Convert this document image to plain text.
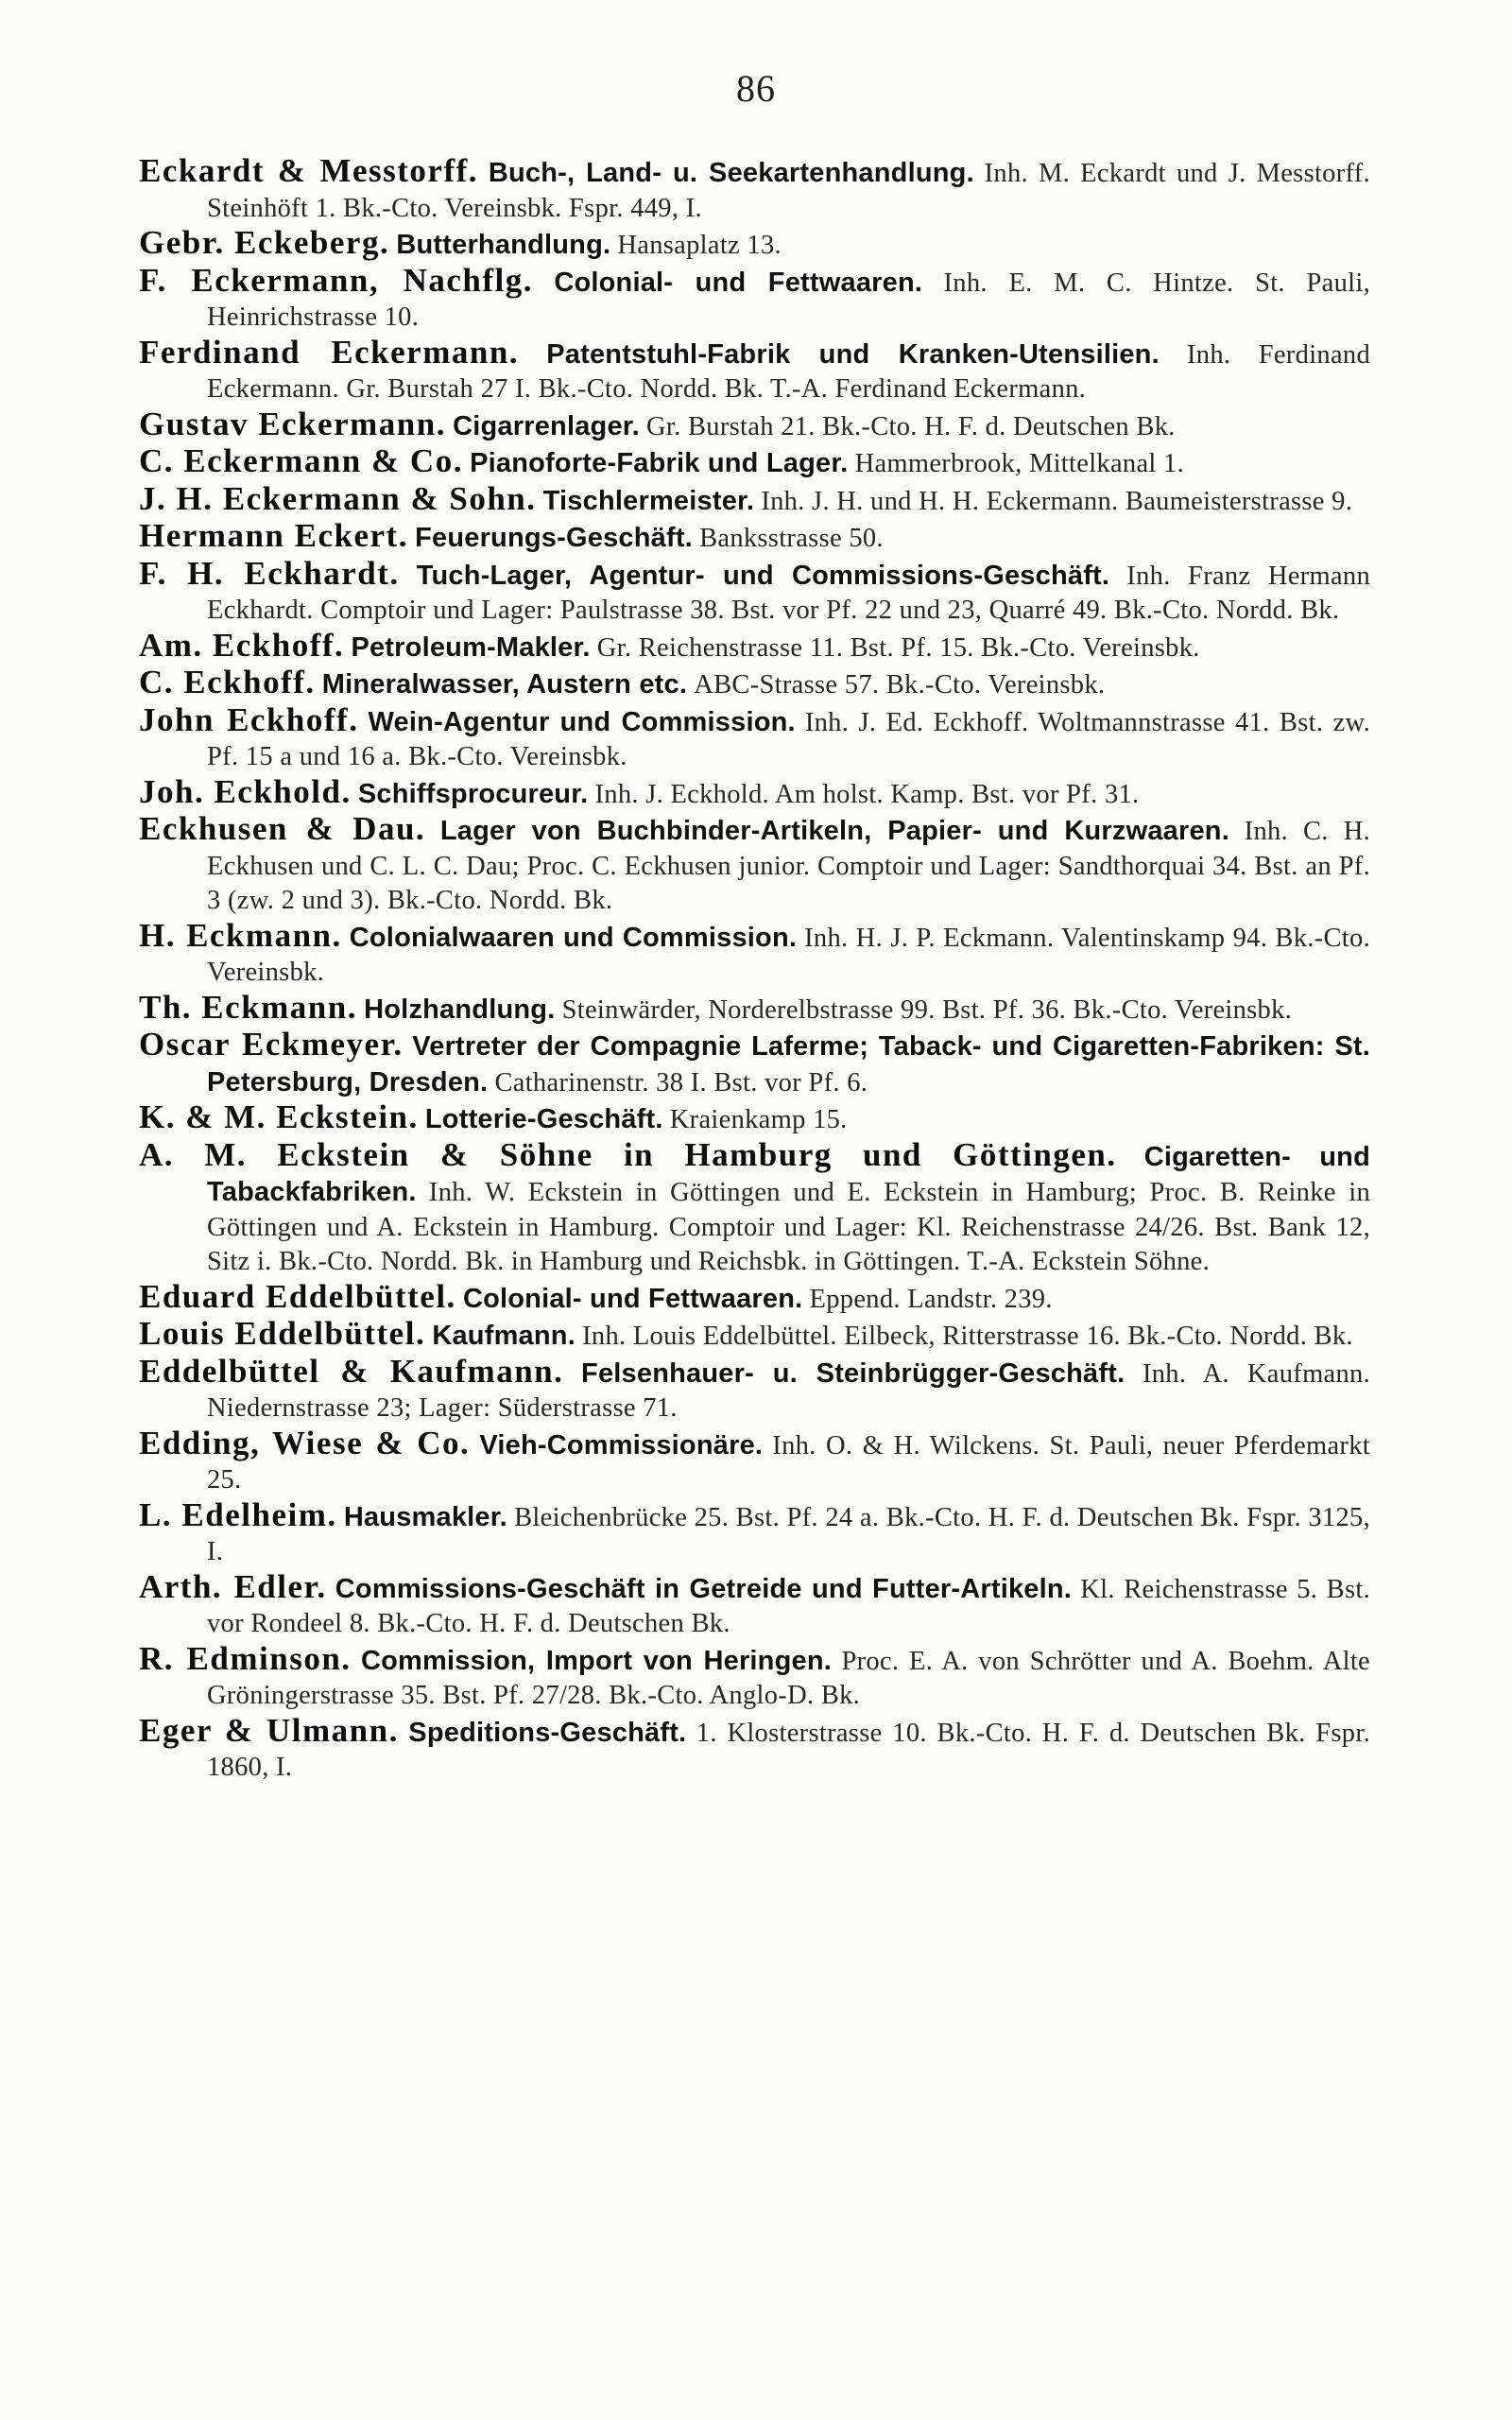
86

Eckardt & Messtorff. Buch-, Land- u. Seekartenhandlung. Inh. M. Eckardt und J. Messtorff. Steinhöft 1. Bk.-Cto. Vereinsbk. Fspr. 449, I.

Gebr. Eckeberg. Butterhandlung. Hansaplatz 13.

F. Eckermann, Nachflg. Colonial- und Fettwaaren. Inh. E. M. C. Hintze. St. Pauli, Heinrichstrasse 10.

Ferdinand Eckermann. Patentstuhl-Fabrik und Kranken-Utensilien. Inh. Ferdinand Eckermann. Gr. Burstah 27 I. Bk.-Cto. Nordd. Bk. T.-A. Ferdinand Eckermann.

Gustav Eckermann. Cigarrenlager. Gr. Burstah 21. Bk.-Cto. H. F. d. Deutschen Bk.

C. Eckermann & Co. Pianoforte-Fabrik und Lager. Hammerbrook, Mittelkanal 1.

J. H. Eckermann & Sohn. Tischlermeister. Inh. J. H. und H. H. Eckermann. Baumeisterstrasse 9.

Hermann Eckert. Feuerungs-Geschäft. Banksstrasse 50.

F. H. Eckhardt. Tuch-Lager, Agentur- und Commissions-Geschäft. Inh. Franz Hermann Eckhardt. Comptoir und Lager: Paulstrasse 38. Bst. vor Pf. 22 und 23, Quarré 49. Bk.-Cto. Nordd. Bk.

Am. Eckhoff. Petroleum-Makler. Gr. Reichenstrasse 11. Bst. Pf. 15. Bk.-Cto. Vereinsbk.

C. Eckhoff. Mineralwasser, Austern etc. ABC-Strasse 57. Bk.-Cto. Vereinsbk.

John Eckhoff. Wein-Agentur und Commission. Inh. J. Ed. Eckhoff. Woltmannstrasse 41. Bst. zw. Pf. 15 a und 16 a. Bk.-Cto. Vereinsbk.

Joh. Eckhold. Schiffsprocureur. Inh. J. Eckhold. Am holst. Kamp. Bst. vor Pf. 31.

Eckhusen & Dau. Lager von Buchbinder-Artikeln, Papier- und Kurzwaaren. Inh. C. H. Eckhusen und C. L. C. Dau; Proc. C. Eckhusen junior. Comptoir und Lager: Sandthorquai 34. Bst. an Pf. 3 (zw. 2 und 3). Bk.-Cto. Nordd. Bk.

H. Eckmann. Colonialwaaren und Commission. Inh. H. J. P. Eckmann. Valentinskamp 94. Bk.-Cto. Vereinsbk.

Th. Eckmann. Holzhandlung. Steinwärder, Norderelbstrasse 99. Bst. Pf. 36. Bk.-Cto. Vereinsbk.

Oscar Eckmeyer. Vertreter der Compagnie Laferme; Taback- und Cigaretten-Fabriken: St. Petersburg, Dresden. Catharinenstr. 38 I. Bst. vor Pf. 6.

K. & M. Eckstein. Lotterie-Geschäft. Kraienkamp 15.

A. M. Eckstein & Söhne in Hamburg und Göttingen. Cigaretten- und Tabackfabriken. Inh. W. Eckstein in Göttingen und E. Eckstein in Hamburg; Proc. B. Reinke in Göttingen und A. Eckstein in Hamburg. Comptoir und Lager: Kl. Reichenstrasse 24/26. Bst. Bank 12, Sitz i. Bk.-Cto. Nordd. Bk. in Hamburg und Reichsbk. in Göttingen. T.-A. Eckstein Söhne.

Eduard Eddelbüttel. Colonial- und Fettwaaren. Eppend. Landstr. 239.

Louis Eddelbüttel. Kaufmann. Inh. Louis Eddelbüttel. Eilbeck, Ritterstrasse 16. Bk.-Cto. Nordd. Bk.

Eddelbüttel & Kaufmann. Felsenhauer- u. Steinbrügger-Geschäft. Inh. A. Kaufmann. Niedernstrasse 23; Lager: Süderstrasse 71.

Edding, Wiese & Co. Vieh-Commissionäre. Inh. O. & H. Wilckens. St. Pauli, neuer Pferdemarkt 25.

L. Edelheim. Hausmakler. Bleichenbrücke 25. Bst. Pf. 24 a. Bk.-Cto. H. F. d. Deutschen Bk. Fspr. 3125, I.

Arth. Edler. Commissions-Geschäft in Getreide und Futter-Artikeln. Kl. Reichenstrasse 5. Bst. vor Rondeel 8. Bk.-Cto. H. F. d. Deutschen Bk.

R. Edminson. Commission, Import von Heringen. Proc. E. A. von Schrötter und A. Boehm. Alte Gröningerstrasse 35. Bst. Pf. 27/28. Bk.-Cto. Anglo-D. Bk.

Eger & Ulmann. Speditions-Geschäft. 1. Klosterstrasse 10. Bk.-Cto. H. F. d. Deutschen Bk. Fspr. 1860, I.
